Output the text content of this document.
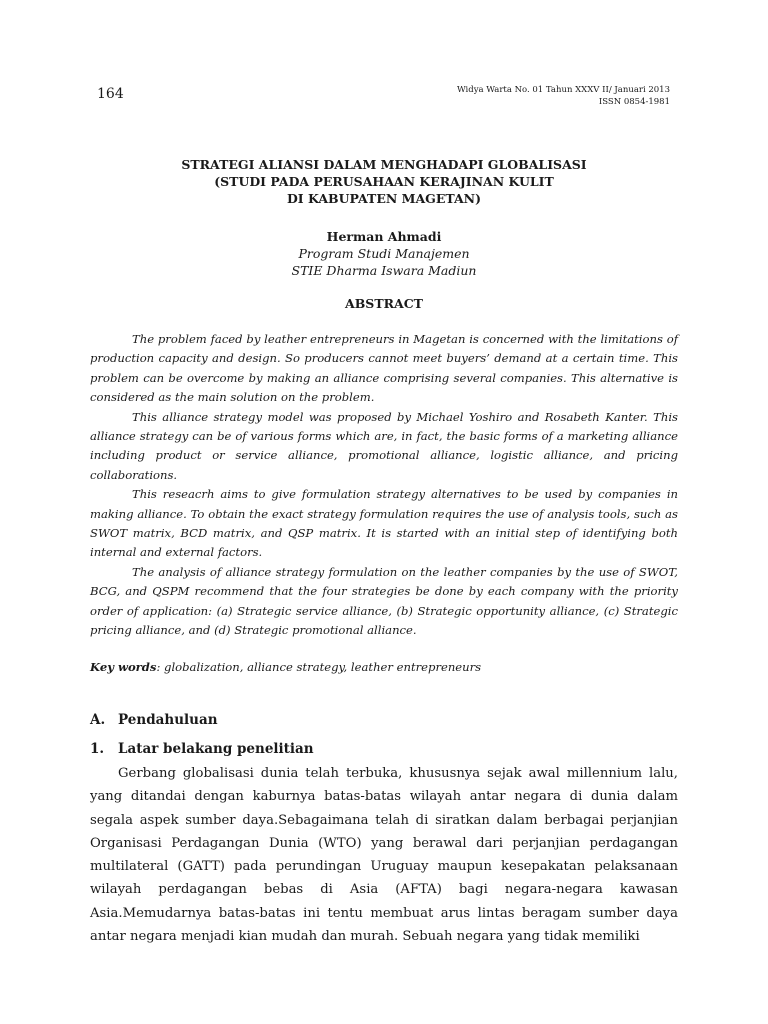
164	Widya Warta No. 01 Tahun XXXV II/ Januari 2013
ISSN 0854-1981
STRATEGI ALIANSI DALAM MENGHADAPI GLOBALISASI
(STUDI PADA PERUSAHAAN KERAJINAN KULIT
DI KABUPATEN MAGETAN)
Herman Ahmadi
Program Studi Manajemen
STIE Dharma Iswara Madiun
ABSTRACT

The problem faced by leather entrepreneurs in Magetan is concerned with the limitations of production capacity and design. So producers cannot meet buyers’ demand at a certain time. This problem can be overcome by making an alliance comprising several companies. This alternative is considered as the main solution on the problem.

This alliance strategy model was proposed by Michael Yoshiro and Rosabeth Kanter. This alliance strategy can be of various forms which are, in fact, the basic forms of a marketing alliance including product or service alliance, promotional alliance, logistic alliance, and pricing collaborations.

This reseacrh aims to give formulation strategy alternatives to be used by companies in making alliance. To obtain the exact strategy formulation requires the use of analysis tools, such as SWOT matrix, BCD matrix, and QSP matrix. It is started with an initial step of identifying both internal and external factors.

The analysis of alliance strategy formulation on the leather companies by the use of SWOT, BCG, and QSPM recommend that the four strategies be done by each company with the priority order of application: (a) Strategic service alliance, (b) Strategic opportunity alliance, (c) Strategic pricing alliance, and (d) Strategic promotional alliance.

Key words: globalization, alliance strategy, leather entrepreneurs
A. Pendahuluan
1. Latar belakang penelitian

Gerbang globalisasi dunia telah terbuka, khususnya sejak awal millennium lalu, yang ditandai dengan kaburnya batas-batas wilayah antar negara di dunia dalam segala aspek sumber daya.Sebagaimana telah di siratkan dalam berbagai perjanjian Organisasi Perdagangan Dunia (WTO) yang berawal dari perjanjian perdagangan multilateral (GATT) pada perundingan Uruguay maupun kesepakatan pelaksanaan wilayah perdagangan bebas di Asia (AFTA) bagi negara-negara kawasan Asia.Memudarnya batas-batas ini tentu membuat arus lintas beragam sumber daya antar negara menjadi kian mudah dan murah. Sebuah negara yang tidak memiliki
